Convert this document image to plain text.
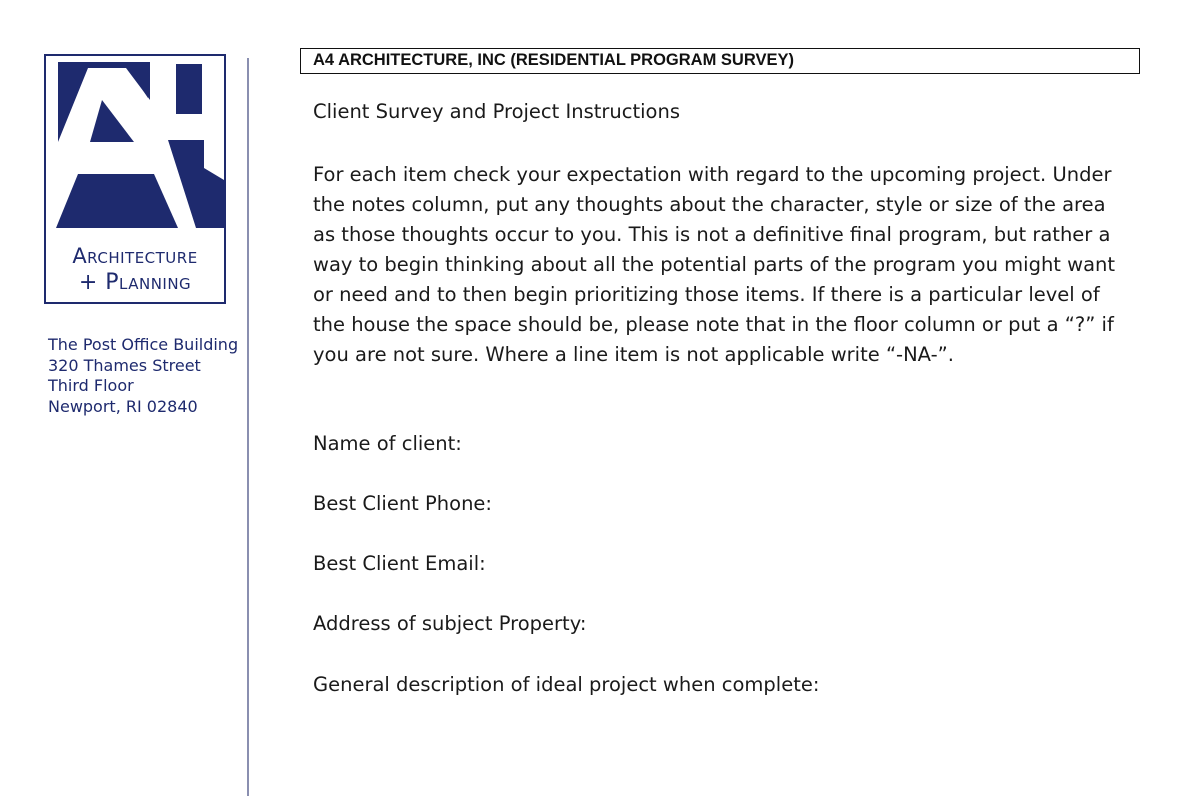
Architecture
+ Planning
The Post Office Building
320 Thames Street
Third Floor
Newport, RI 02840
A4 ARCHITECTURE, INC (RESIDENTIAL PROGRAM SURVEY)
Client Survey and Project Instructions
For each item check your expectation with regard to the upcoming project. Under the notes column, put any thoughts about the character, style or size of the area as those thoughts occur to you. This is not a definitive final program, but rather a way to begin thinking about all the potential parts of the program you might want or need and to then begin prioritizing those items. If there is a particular level of the house the space should be, please note that in the floor column or put a “?” if you are not sure. Where a line item is not applicable write “-NA-”.
Name of client:
Best Client Phone:
Best Client Email:
Address of subject Property:
General description of ideal project when complete:
